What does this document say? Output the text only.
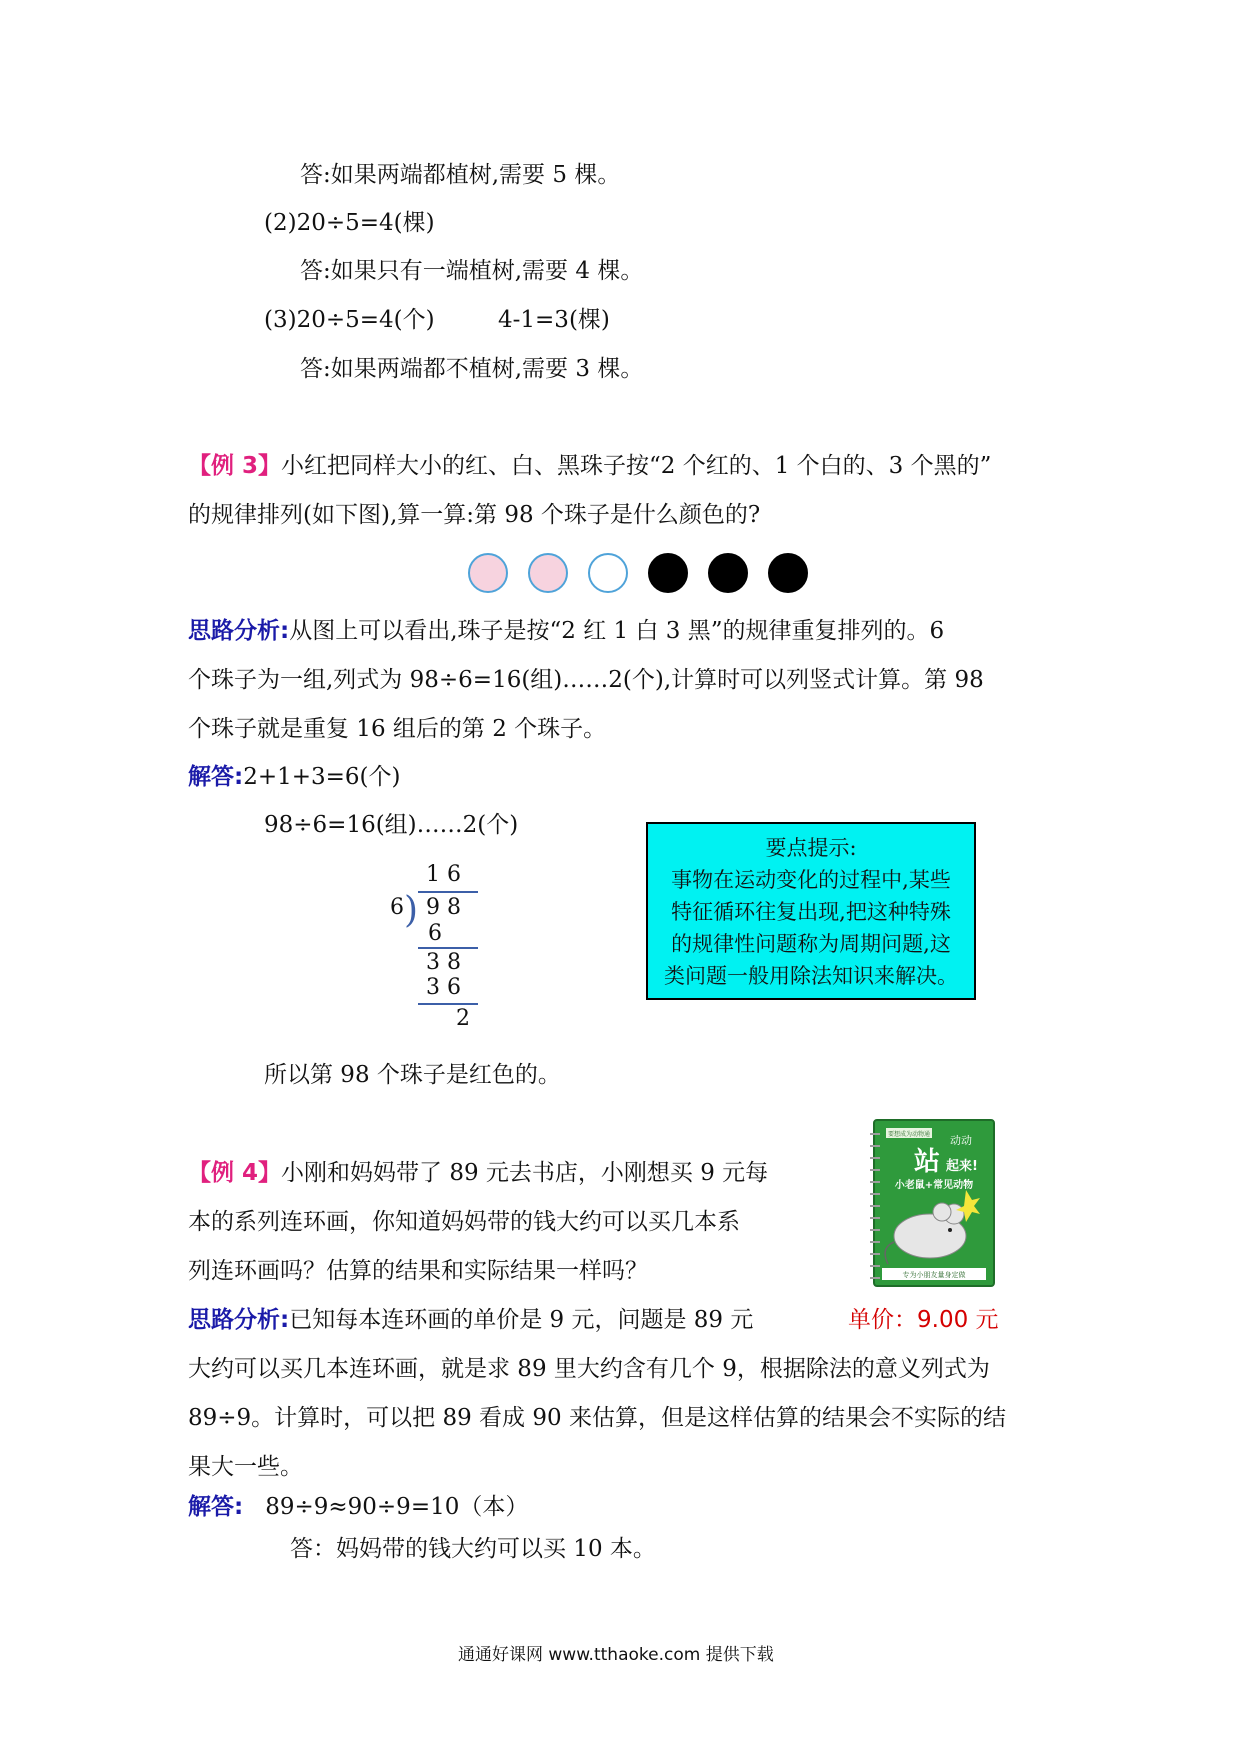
答:如果两端都植树,需要 5 棵。
(2)20÷5=4(棵)
答:如果只有一端植树,需要 4 棵。
(3)20÷5=4(个)	4-1=3(棵)
答:如果两端都不植树,需要 3 棵。
【例 3】小红把同样大小的红、白、黑珠子按“2 个红的、1 个白的、3 个黑的”
的规律排列(如下图),算一算:第 98 个珠子是什么颜色的?
思路分析:从图上可以看出,珠子是按“2 红 1 白 3 黑”的规律重复排列的。6
个珠子为一组,列式为 98÷6=16(组)……2(个),计算时可以列竖式计算。第 98
个珠子就是重复 16 组后的第 2 个珠子。
解答:2+1+3=6(个)
98÷6=16(组)……2(个)
1 6
6 ) 9 8
6
3 8
3 6
2
要点提示:
事物在运动变化的过程中,某些
特征循环往复出现,把这种特殊
的规律性问题称为周期问题,这
类问题一般用除法知识来解决。
所以第 98 个珠子是红色的。
【例 4】小刚和妈妈带了 89 元去书店，小刚想买 9 元每
本的系列连环画，你知道妈妈带的钱大约可以买几本系
列连环画吗？估算的结果和实际结果一样吗？
要想成为动物通 动动
站 起来!
小老鼠+常见动物
专为小朋友量身定做
思路分析:已知每本连环画的单价是 9 元，问题是 89 元	单价：9.00 元
大约可以买几本连环画，就是求 89 里大约含有几个 9，根据除法的意义列式为
89÷9。计算时，可以把 89 看成 90 来估算，但是这样估算的结果会不实际的结
果大一些。
解答: 89÷9≈90÷9=10（本）
答：妈妈带的钱大约可以买 10 本。
通通好课网 www.tthaoke.com 提供下载
